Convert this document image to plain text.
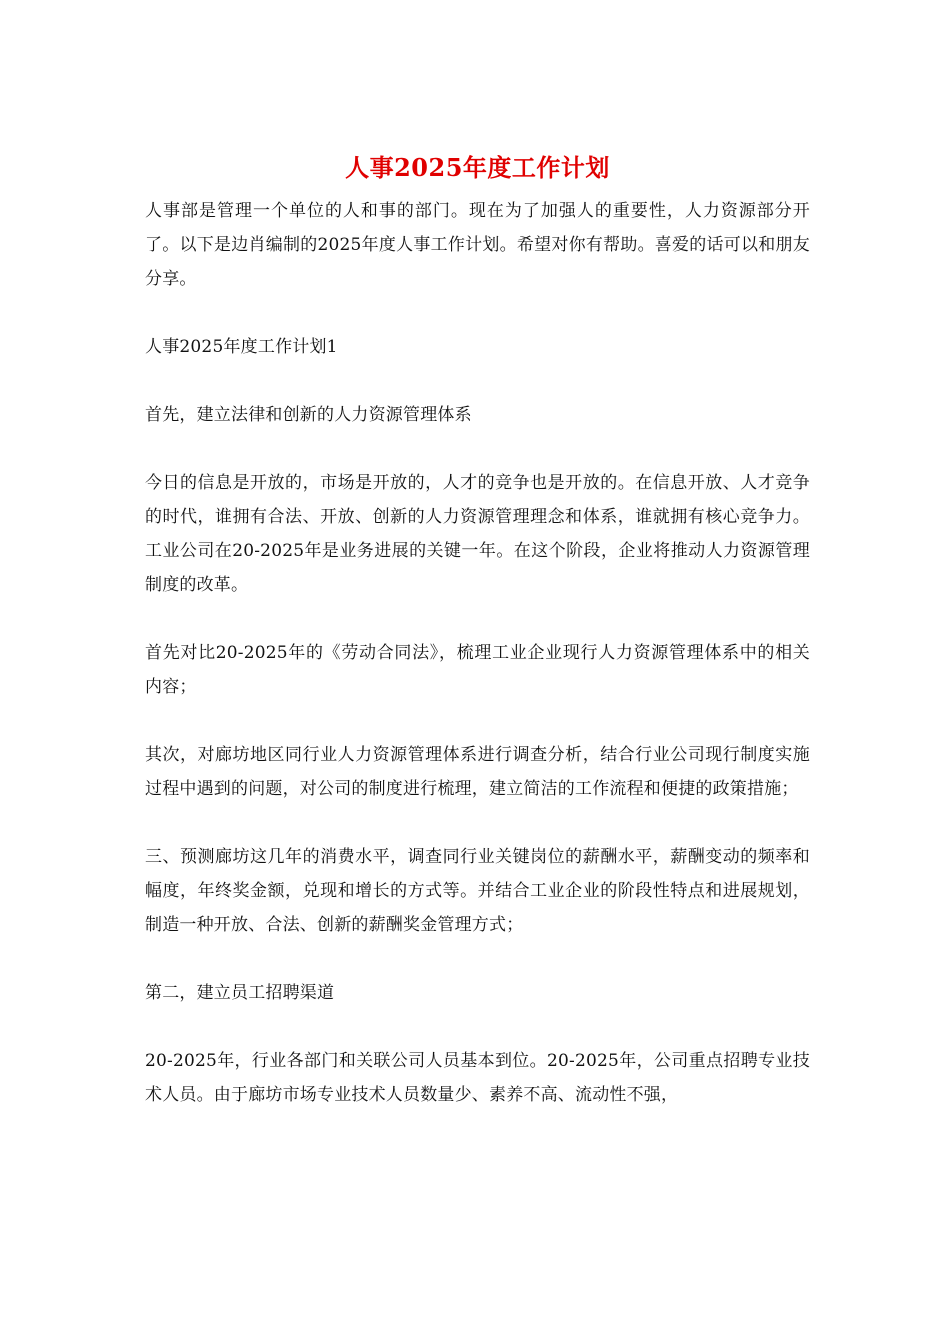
人事2025年度工作计划

人事部是管理一个单位的人和事的部门。现在为了加强人的重要性，人力资源部分开了。以下是边肖编制的2025年度人事工作计划。希望对你有帮助。喜爱的话可以和朋友分享。

人事2025年度工作计划1

首先，建立法律和创新的人力资源管理体系

今日的信息是开放的，市场是开放的，人才的竞争也是开放的。在信息开放、人才竞争的时代，谁拥有合法、开放、创新的人力资源管理理念和体系，谁就拥有核心竞争力。工业公司在20-2025年是业务进展的关键一年。在这个阶段，企业将推动人力资源管理制度的改革。

首先对比20-2025年的《劳动合同法》，梳理工业企业现行人力资源管理体系中的相关内容；

其次，对廊坊地区同行业人力资源管理体系进行调查分析，结合行业公司现行制度实施过程中遇到的问题，对公司的制度进行梳理，建立简洁的工作流程和便捷的政策措施；

三、预测廊坊这几年的消费水平，调查同行业关键岗位的薪酬水平，薪酬变动的频率和幅度，年终奖金额，兑现和增长的方式等。并结合工业企业的阶段性特点和进展规划，制造一种开放、合法、创新的薪酬奖金管理方式；

第二，建立员工招聘渠道

20-2025年，行业各部门和关联公司人员基本到位。20-2025年，公司重点招聘专业技术人员。由于廊坊市场专业技术人员数量少、素养不高、流动性不强，
